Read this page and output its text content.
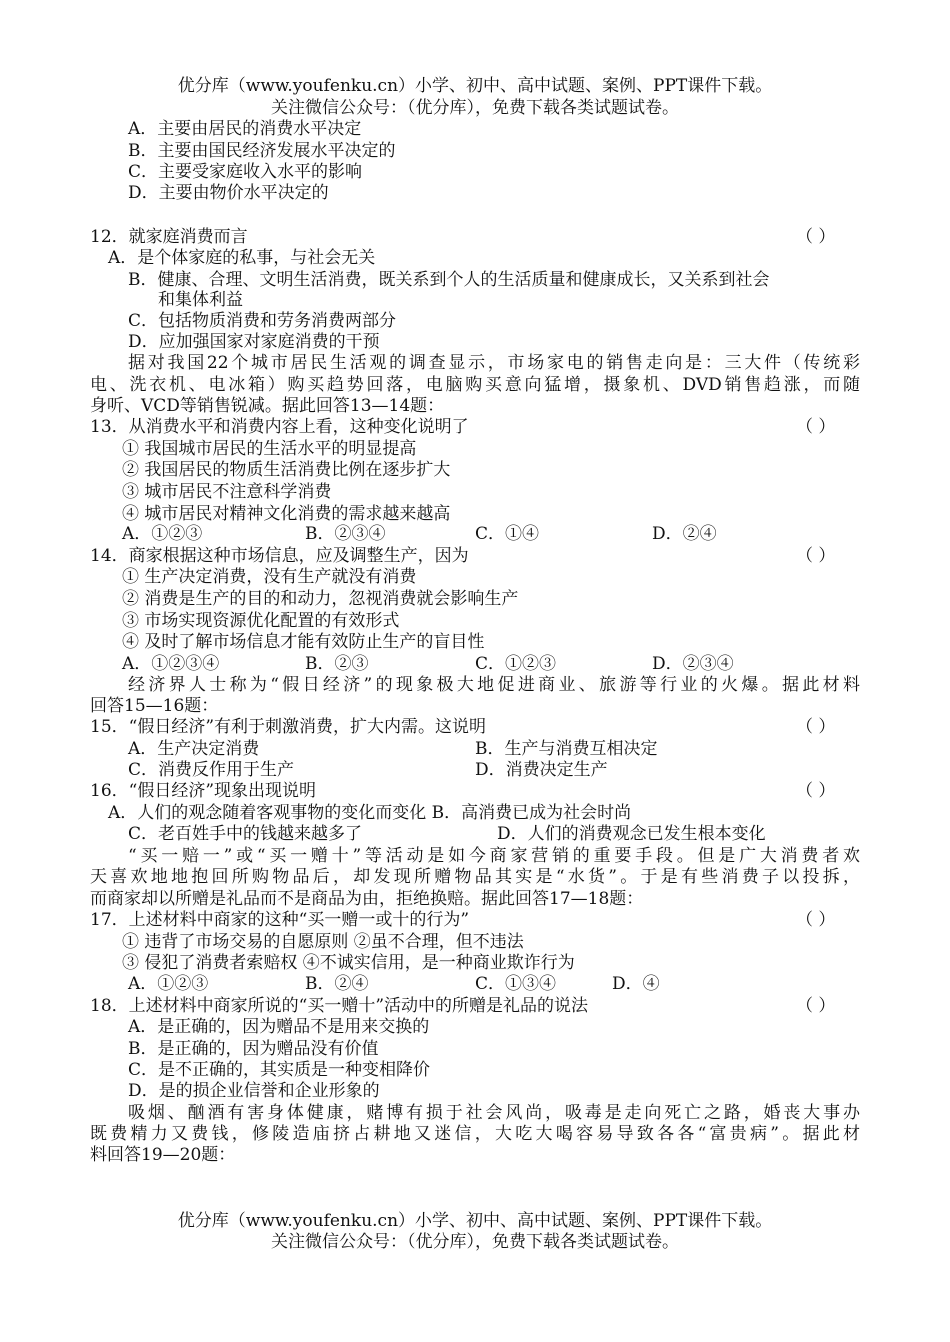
优分库（www.youfenku.cn）小学、初中、高中试题、案例、PPT课件下载。
关注微信公众号：（优分库），免费下载各类试题试卷。
A．主要由居民的消费水平决定
B．主要由国民经济发展水平决定的
C．主要受家庭收入水平的影响
D．主要由物价水平决定的
12．就家庭消费而言	（ ）
A．是个体家庭的私事，与社会无关
B．健康、合理、文明生活消费，既关系到个人的生活质量和健康成长，又关系到社会
和集体利益
C．包括物质消费和劳务消费两部分
D．应加强国家对家庭消费的干预
据对我国22个城市居民生活观的调查显示，市场家电的销售走向是：三大件（传统彩
电、洗衣机、电冰箱）购买趋势回落，电脑购买意向猛增，摄象机、DVD销售趋涨，而随
身听、VCD等销售锐减。据此回答13—14题：
13．从消费水平和消费内容上看，这种变化说明了	（ ）
① 我国城市居民的生活水平的明显提高
② 我国居民的物质生活消费比例在逐步扩大
③ 城市居民不注意科学消费
④ 城市居民对精神文化消费的需求越来越高
A．①②③	B．②③④	C．①④	D．②④
14．商家根据这种市场信息，应及调整生产，因为	（ ）
① 生产决定消费，没有生产就没有消费
② 消费是生产的目的和动力，忽视消费就会影响生产
③ 市场实现资源优化配置的有效形式
④ 及时了解市场信息才能有效防止生产的盲目性
A．①②③④	B．②③	C．①②③	D．②③④
经济界人士称为“假日经济”的现象极大地促进商业、旅游等行业的火爆。据此材料
回答15—16题：
15．“假日经济”有利于刺激消费，扩大内需。这说明	（ ）
A．生产决定消费	B．生产与消费互相决定
C．消费反作用于生产	D．消费决定生产
16．“假日经济”现象出现说明	（ ）
A．人们的观念随着客观事物的变化而变化 B．高消费已成为社会时尚
C．老百姓手中的钱越来越多了	D．人们的消费观念已发生根本变化
“买一赔一”或“买一赠十”等活动是如今商家营销的重要手段。但是广大消费者欢
天喜欢地地抱回所购物品后，却发现所赠物品其实是“水货”。于是有些消费子以投拆，
而商家却以所赠是礼品而不是商品为由，拒绝换赔。据此回答17—18题：
17．上述材料中商家的这种“买一赠一或十的行为”	（ ）
① 违背了市场交易的自愿原则 ②虽不合理，但不违法
③ 侵犯了消费者索赔权 ④不诚实信用，是一种商业欺诈行为
A．①②③	B．②④	C．①③④	D．④
18．上述材料中商家所说的“买一赠十”活动中的所赠是礼品的说法	（ ）
A．是正确的，因为赠品不是用来交换的
B．是正确的，因为赠品没有价值
C．是不正确的，其实质是一种变相降价
D．是的损企业信誉和企业形象的
吸烟、酗酒有害身体健康，赌博有损于社会风尚，吸毒是走向死亡之路，婚丧大事办
既费精力又费钱，修陵造庙挤占耕地又迷信，大吃大喝容易导致各各“富贵病”。据此材
料回答19—20题：
优分库（www.youfenku.cn）小学、初中、高中试题、案例、PPT课件下载。
关注微信公众号：（优分库），免费下载各类试题试卷。
